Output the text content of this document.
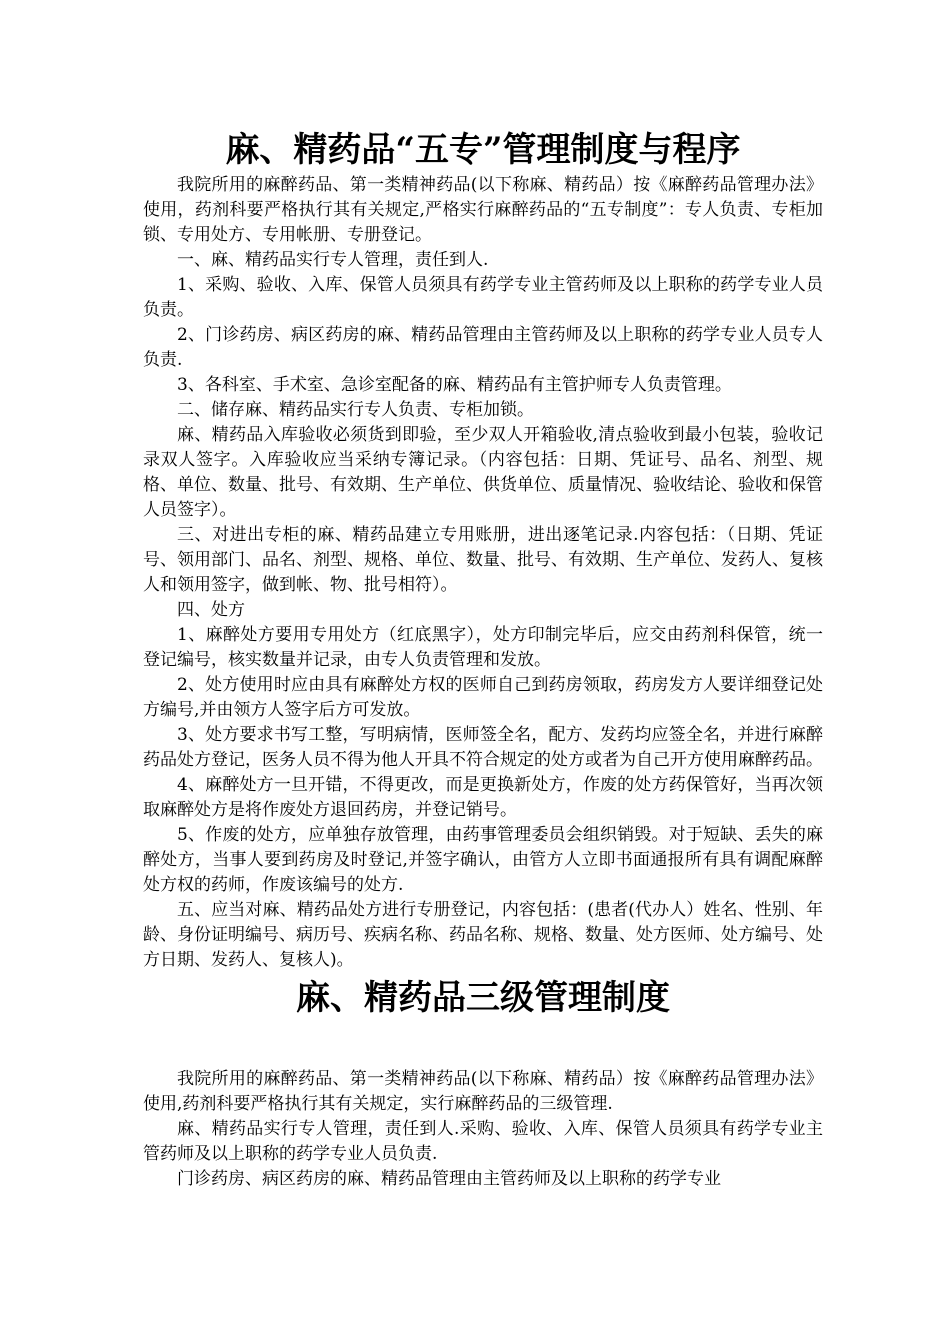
麻、精药品“五专”管理制度与程序

我院所用的麻醉药品、第一类精神药品(以下称麻、精药品）按《麻醉药品管理办法》使用，药剂科要严格执行其有关规定,严格实行麻醉药品的“五专制度”：专人负责、专柜加锁、专用处方、专用帐册、专册登记。

一、麻、精药品实行专人管理，责任到人.

1、采购、验收、入库、保管人员须具有药学专业主管药师及以上职称的药学专业人员负责。

2、门诊药房、病区药房的麻、精药品管理由主管药师及以上职称的药学专业人员专人负责.

3、各科室、手术室、急诊室配备的麻、精药品有主管护师专人负责管理。

二、储存麻、精药品实行专人负责、专柜加锁。

麻、精药品入库验收必须货到即验，至少双人开箱验收,清点验收到最小包装，验收记录双人签字。入库验收应当采纳专簿记录。（内容包括：日期、凭证号、品名、剂型、规格、单位、数量、批号、有效期、生产单位、供货单位、质量情况、验收结论、验收和保管人员签字）。

三、对进出专柜的麻、精药品建立专用账册，进出逐笔记录.内容包括：（日期、凭证号、领用部门、品名、剂型、规格、单位、数量、批号、有效期、生产单位、发药人、复核人和领用签字，做到帐、物、批号相符）。

四、处方

1、麻醉处方要用专用处方（红底黑字），处方印制完毕后，应交由药剂科保管，统一登记编号，核实数量并记录，由专人负责管理和发放。

2、处方使用时应由具有麻醉处方权的医师自己到药房领取，药房发方人要详细登记处方编号,并由领方人签字后方可发放。

3、处方要求书写工整，写明病情，医师签全名，配方、发药均应签全名，并进行麻醉药品处方登记，医务人员不得为他人开具不符合规定的处方或者为自己开方使用麻醉药品。

4、麻醉处方一旦开错，不得更改，而是更换新处方，作废的处方药保管好，当再次领取麻醉处方是将作废处方退回药房，并登记销号。

5、作废的处方，应单独存放管理，由药事管理委员会组织销毁。对于短缺、丢失的麻醉处方，当事人要到药房及时登记,并签字确认，由管方人立即书面通报所有具有调配麻醉处方权的药师，作废该编号的处方.

五、应当对麻、精药品处方进行专册登记，内容包括：(患者(代办人）姓名、性别、年龄、身份证明编号、病历号、疾病名称、药品名称、规格、数量、处方医师、处方编号、处方日期、发药人、复核人)。

麻、精药品三级管理制度

我院所用的麻醉药品、第一类精神药品(以下称麻、精药品）按《麻醉药品管理办法》使用,药剂科要严格执行其有关规定，实行麻醉药品的三级管理.

麻、精药品实行专人管理，责任到人.采购、验收、入库、保管人员须具有药学专业主管药师及以上职称的药学专业人员负责.

门诊药房、病区药房的麻、精药品管理由主管药师及以上职称的药学专业
